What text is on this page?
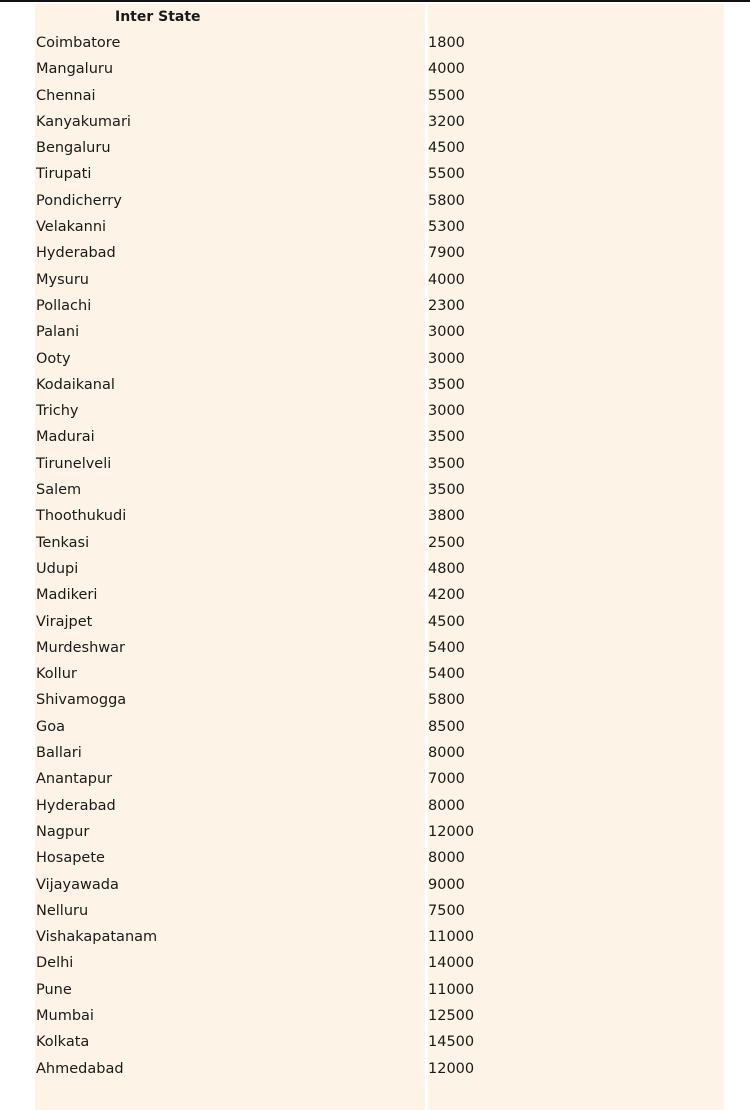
Inter State
Coimbatore	1800
Mangaluru	4000
Chennai	5500
Kanyakumari	3200
Bengaluru	4500
Tirupati	5500
Pondicherry	5800
Velakanni	5300
Hyderabad	7900
Mysuru	4000
Pollachi	2300
Palani	3000
Ooty	3000
Kodaikanal	3500
Trichy	3000
Madurai	3500
Tirunelveli	3500
Salem	3500
Thoothukudi	3800
Tenkasi	2500
Udupi	4800
Madikeri	4200
Virajpet	4500
Murdeshwar	5400
Kollur	5400
Shivamogga	5800
Goa	8500
Ballari	8000
Anantapur	7000
Hyderabad	8000
Nagpur	12000
Hosapete	8000
Vijayawada	9000
Nelluru	7500
Vishakapatanam	11000
Delhi	14000
Pune	11000
Mumbai	12500
Kolkata	14500
Ahmedabad	12000
